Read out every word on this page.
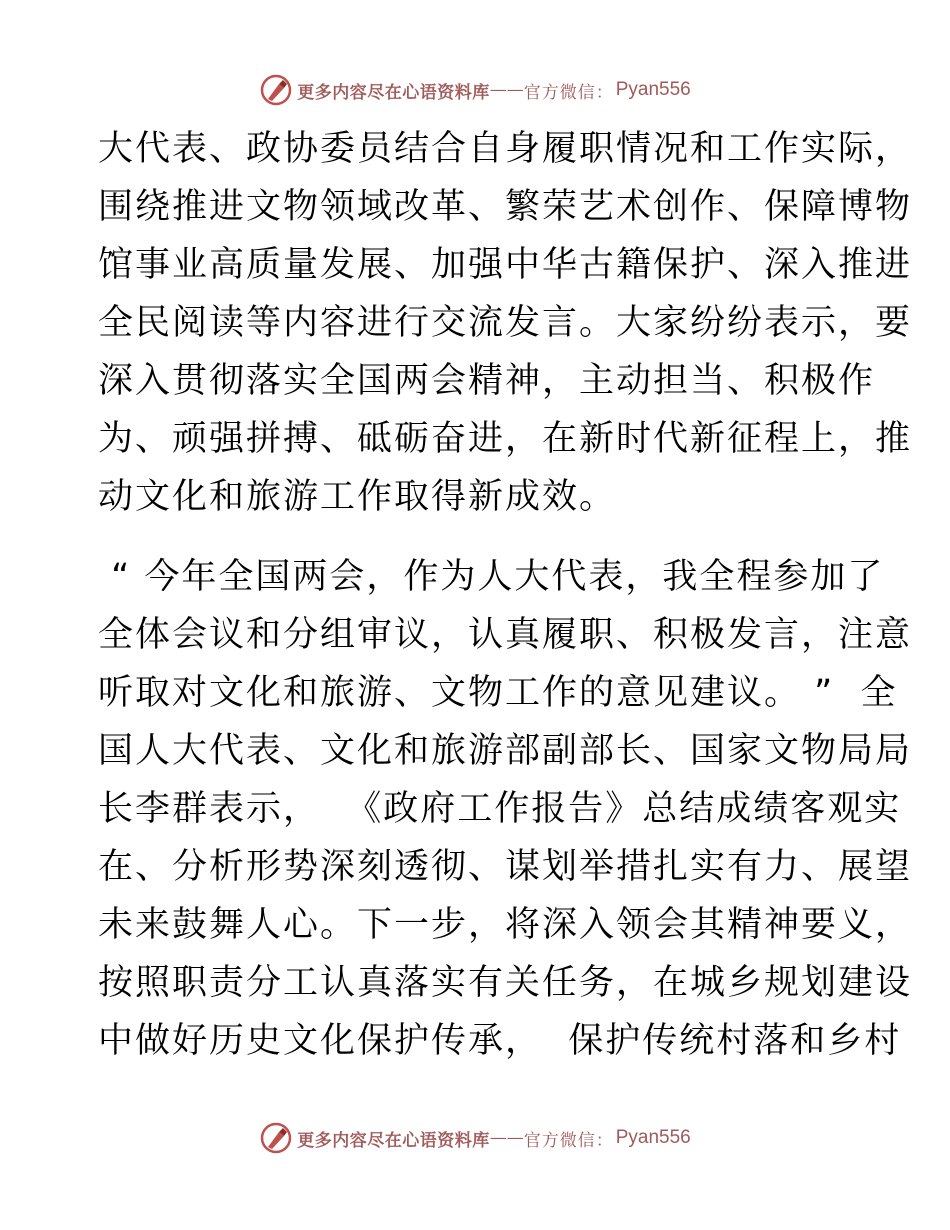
更多内容尽在心语资料库 —— 官方微信： Pyan556
大代表、政协委员结合自身履职情况和工作实际，
围绕推进文物领域改革、繁荣艺术创作、保障博物
馆事业高质量发展、加强中华古籍保护、深入推进
全民阅读等内容进行交流发言。大家纷纷表示，要
深入贯彻落实全国两会精神，主动担当、积极作
为、顽强拼搏、砥砺奋进，在新时代新征程上，推
动文化和旅游工作取得新成效。
“ 今年全国两会，作为人大代表，我全程参加了
全体会议和分组审议，认真履职、积极发言，注意
听取对文化和旅游、文物工作的意见建议。 ”  全
国人大代表、文化和旅游部副部长、国家文物局局
长李群表示，  《政府工作报告》总结成绩客观实
在、分析形势深刻透彻、谋划举措扎实有力、展望
未来鼓舞人心。下一步，将深入领会其精神要义，
按照职责分工认真落实有关任务，在城乡规划建设
中做好历史文化保护传承，  保护传统村落和乡村
更多内容尽在心语资料库 —— 官方微信： Pyan556
